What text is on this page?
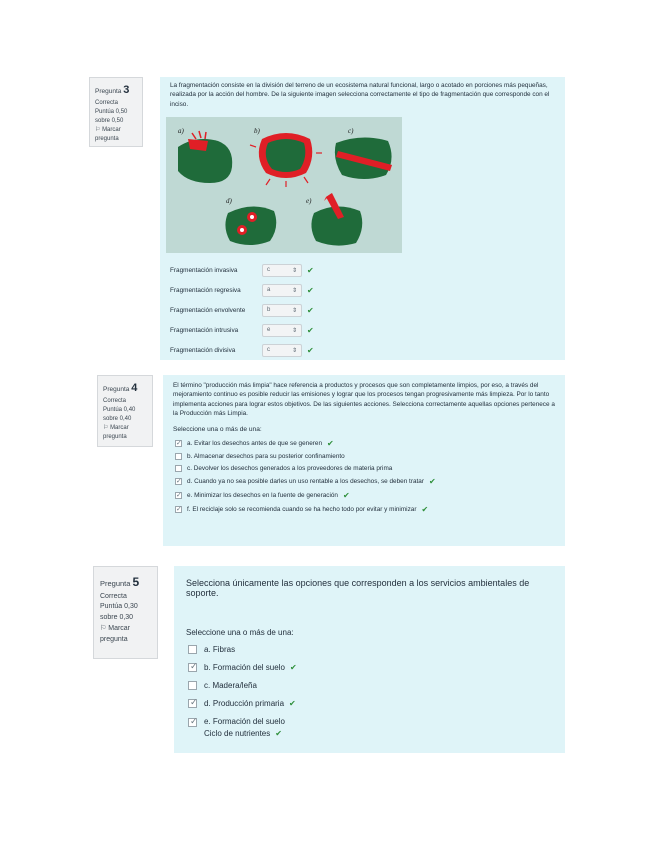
Pregunta 3
Correcta
Puntúa 0,50 sobre 0,50
⚐ Marcar pregunta
La fragmentación consiste en la división del terreno de un ecosistema natural funcional, largo o acotado en porciones más pequeñas, realizada por la acción del hombre. De la siguiente imagen selecciona correctamente el tipo de fragmentación que corresponde con el inciso.
a)	b)	c)
d)	e)
Fragmentación invasiva	c	⇕ ✔
Fragmentación regresiva	a	⇕ ✔
Fragmentación envolvente	b	⇕ ✔
Fragmentación intrusiva	e	⇕ ✔
Fragmentación divisiva	c	⇕ ✔
Pregunta 4
Correcta
Puntúa 0,40 sobre 0,40
⚐ Marcar pregunta
El término "producción más limpia" hace referencia a productos y procesos que son completamente limpios, por eso, a través del mejoramiento continuo es posible reducir las emisiones y lograr que los procesos tengan progresivamente más limpieza. Por lo tanto implementa acciones para lograr estos objetivos. De las siguientes acciones. Selecciona correctamente aquellas opciones pertenece a la Producción más Limpia.
Seleccione una o más de una:
✓
a. Evitar los desechos antes de que se generen ✔
b. Almacenar desechos para su posterior confinamiento
c. Devolver los desechos generados a los proveedores de materia prima
✓
d. Cuando ya no sea posible darles un uso rentable a los desechos, se deben tratar ✔
✓
e. Minimizar los desechos en la fuente de generación ✔
✓
f. El reciclaje solo se recomienda cuando se ha hecho todo por evitar y minimizar ✔
Pregunta 5
Correcta
Puntúa 0,30 sobre 0,30
⚐ Marcar pregunta
Selecciona únicamente las opciones que corresponden a los servicios ambientales de soporte.
Seleccione una o más de una:
a. Fibras
✓
b. Formación del suelo ✔
c. Madera/leña
✓
d. Producción primaria ✔
✓
e. Formación del suelo
Ciclo de nutrientes ✔
